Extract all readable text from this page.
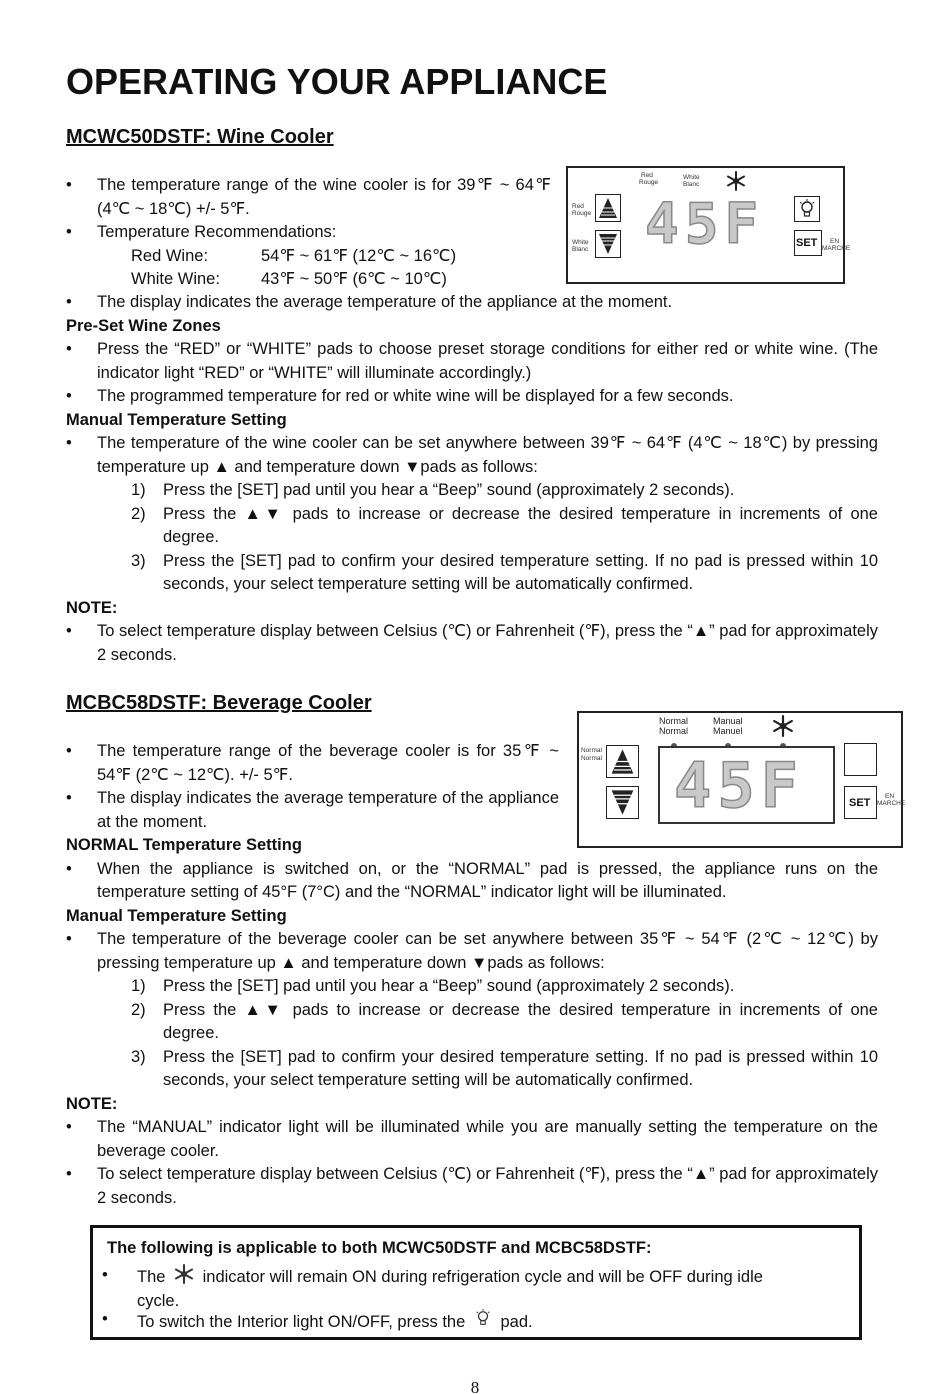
OPERATING YOUR APPLIANCE
MCWC50DSTF: Wine Cooler
• The temperature range of the wine cooler is for 39℉ ~ 64℉ (4℃ ~ 18℃) +/- 5℉.
• Temperature Recommendations:
Red Wine:	54℉ ~ 61℉ (12℃ ~ 16℃)
White Wine: 43℉ ~ 50℉ (6℃ ~ 10℃)
• The display indicates the average temperature of the appliance at the moment.
Pre-Set Wine Zones
• Press the “RED” or “WHITE” pads to choose preset storage conditions for either red or white wine. (The indicator light “RED” or “WHITE” will illuminate accordingly.)
• The programmed temperature for red or white wine will be displayed for a few seconds.
Manual Temperature Setting
• The temperature of the wine cooler can be set anywhere between 39℉ ~ 64℉ (4℃ ~ 18℃) by pressing temperature up ▲ and temperature down ▼pads as follows:
1) Press the [SET] pad until you hear a “Beep” sound (approximately 2 seconds).
2) Press the ▲▼ pads to increase or decrease the desired temperature in increments of one degree.
3) Press the [SET] pad to confirm your desired temperature setting. If no pad is pressed within 10 seconds, your select temperature setting will be automatically confirmed.
NOTE:
• To select temperature display between Celsius (℃) or Fahrenheit (℉), press the “▲” pad for approximately 2 seconds.
Red
Rouge
White
Blanc
Red
Rouge
White
Blanc 45F	SET EN
MARCHE
MCBC58DSTF: Beverage Cooler
• The temperature range of the beverage cooler is for 35℉ ~ 54℉ (2℃ ~ 12℃). +/- 5℉.
• The display indicates the average temperature of the appliance at the moment.
NORMAL Temperature Setting
• When the appliance is switched on, or the “NORMAL” pad is pressed, the appliance runs on the temperature setting of 45°F (7°C) and the “NORMAL” indicator light will be illuminated.
Manual Temperature Setting
• The temperature of the beverage cooler can be set anywhere between 35℉ ~ 54℉ (2℃ ~ 12℃) by pressing temperature up ▲ and temperature down ▼pads as follows:
1) Press the [SET] pad until you hear a “Beep” sound (approximately 2 seconds).
2) Press the ▲▼ pads to increase or decrease the desired temperature in increments of one degree.
3) Press the [SET] pad to confirm your desired temperature setting. If no pad is pressed within 10 seconds, your select temperature setting will be automatically confirmed.
NOTE:
• The “MANUAL” indicator light will be illuminated while you are manually setting the temperature on the beverage cooler.
• To select temperature display between Celsius (℃) or Fahrenheit (℉), press the “▲” pad for approximately 2 seconds.
Normal
Normal
Manual
Manuel
Normal
Normal 45F	SET
EN
MARCHE
The following is applicable to both MCWC50DSTF and MCBC58DSTF:
• The indicator will remain ON during refrigeration cycle and will be OFF during idle cycle.
• To switch the Interior light ON/OFF, press the pad.
8
